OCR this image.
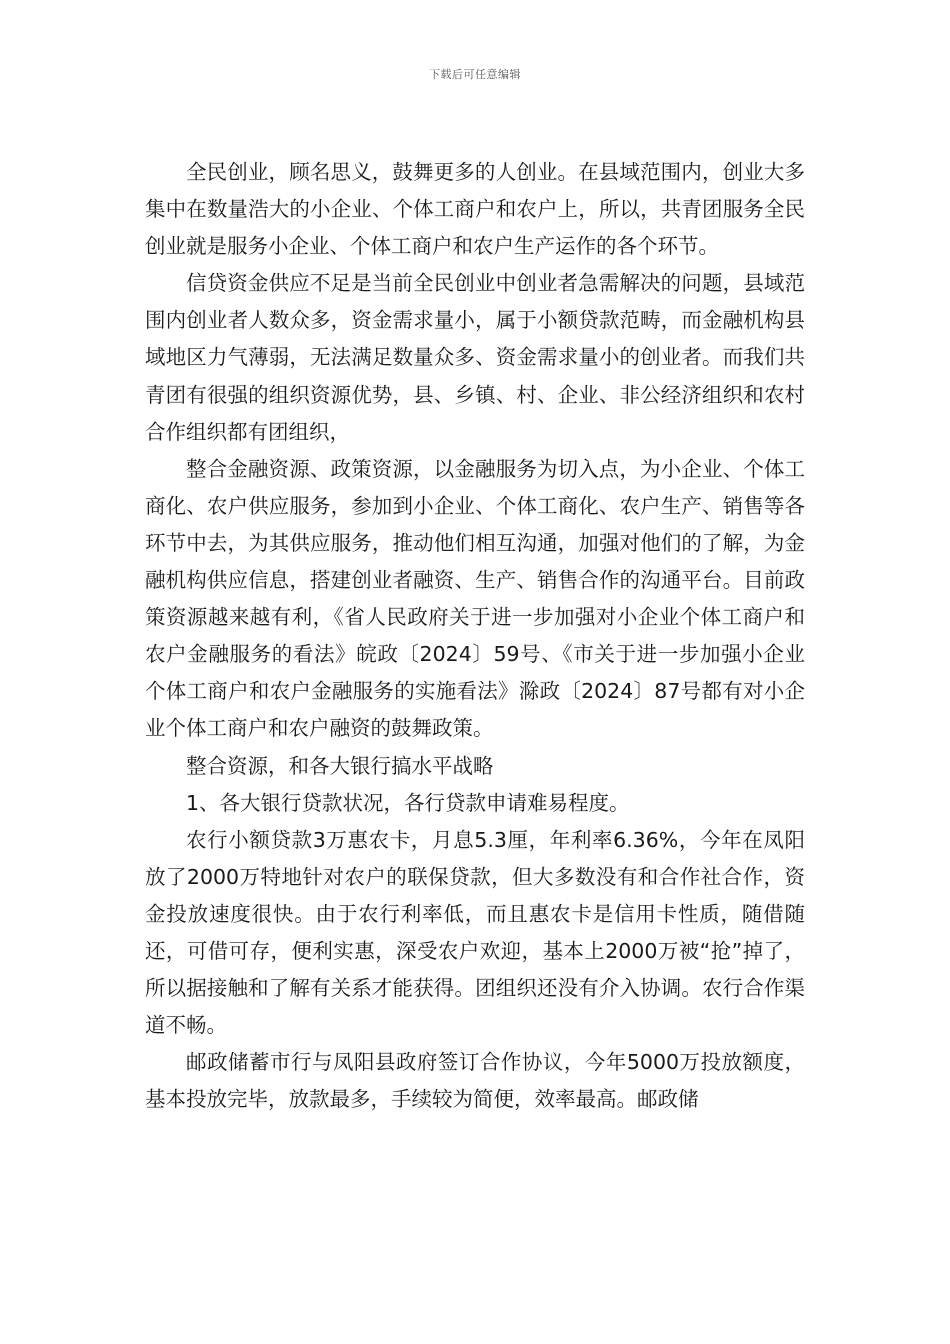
下载后可任意编辑

全民创业，顾名思义，鼓舞更多的人创业。在县域范围内，创业大多集中在数量浩大的小企业、个体工商户和农户上，所以，共青团服务全民创业就是服务小企业、个体工商户和农户生产运作的各个环节。

信贷资金供应不足是当前全民创业中创业者急需解决的问题，县域范围内创业者人数众多，资金需求量小，属于小额贷款范畴，而金融机构县域地区力气薄弱，无法满足数量众多、资金需求量小的创业者。而我们共青团有很强的组织资源优势，县、乡镇、村、企业、非公经济组织和农村合作组织都有团组织，

整合金融资源、政策资源，以金融服务为切入点，为小企业、个体工商化、农户供应服务，参加到小企业、个体工商化、农户生产、销售等各环节中去，为其供应服务，推动他们相互沟通，加强对他们的了解，为金融机构供应信息，搭建创业者融资、生产、销售合作的沟通平台。目前政策资源越来越有利，《省人民政府关于进一步加强对小企业个体工商户和农户金融服务的看法》皖政〔2024〕59号、《市关于进一步加强小企业个体工商户和农户金融服务的实施看法》滁政〔2024〕87号都有对小企业个体工商户和农户融资的鼓舞政策。

整合资源，和各大银行搞水平战略

1、各大银行贷款状况，各行贷款申请难易程度。

农行小额贷款3万惠农卡，月息5.3厘，年利率6.36%，今年在凤阳放了2000万特地针对农户的联保贷款，但大多数没有和合作社合作，资金投放速度很快。由于农行利率低，而且惠农卡是信用卡性质，随借随还，可借可存，便利实惠，深受农户欢迎，基本上2000万被“抢”掉了，所以据接触和了解有关系才能获得。团组织还没有介入协调。农行合作渠道不畅。

邮政储蓄市行与凤阳县政府签订合作协议，今年5000万投放额度，基本投放完毕，放款最多，手续较为简便，效率最高。邮政储
